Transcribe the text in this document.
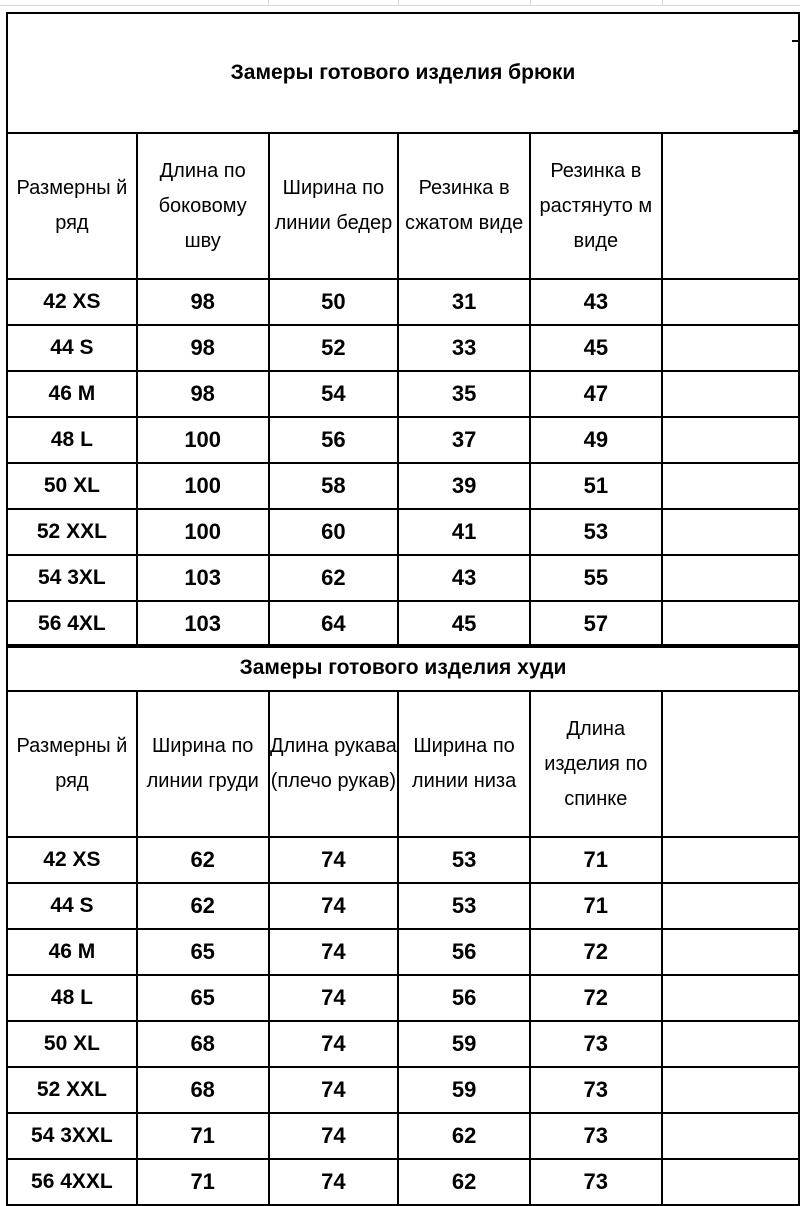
Замеры готового изделия брюки					
Размерны й ряд	Длина по боковому шву	Ширина по линии бедер	Резинка в сжатом виде	Резинка в растянуто м виде	
42 XS	98	50	31	43	
44 S	98	52	33	45	
46 M	98	54	35	47	
48 L	100	56	37	49	
50 XL	100	58	39	51	
52 XXL	100	60	41	53	
54 3XL	103	62	43	55	
56 4XL	103	64	45	57	
Замеры готового изделия худи					
Размерны й ряд	Ширина по линии груди	Длина рукава (плечо рукав)	Ширина по линии низа	Длина изделия по спинке	
42 XS	62	74	53	71	
44 S	62	74	53	71	
46 M	65	74	56	72	
48 L	65	74	56	72	
50 XL	68	74	59	73	
52 XXL	68	74	59	73	
54 3XXL	71	74	62	73	
56 4XXL	71	74	62	73	
